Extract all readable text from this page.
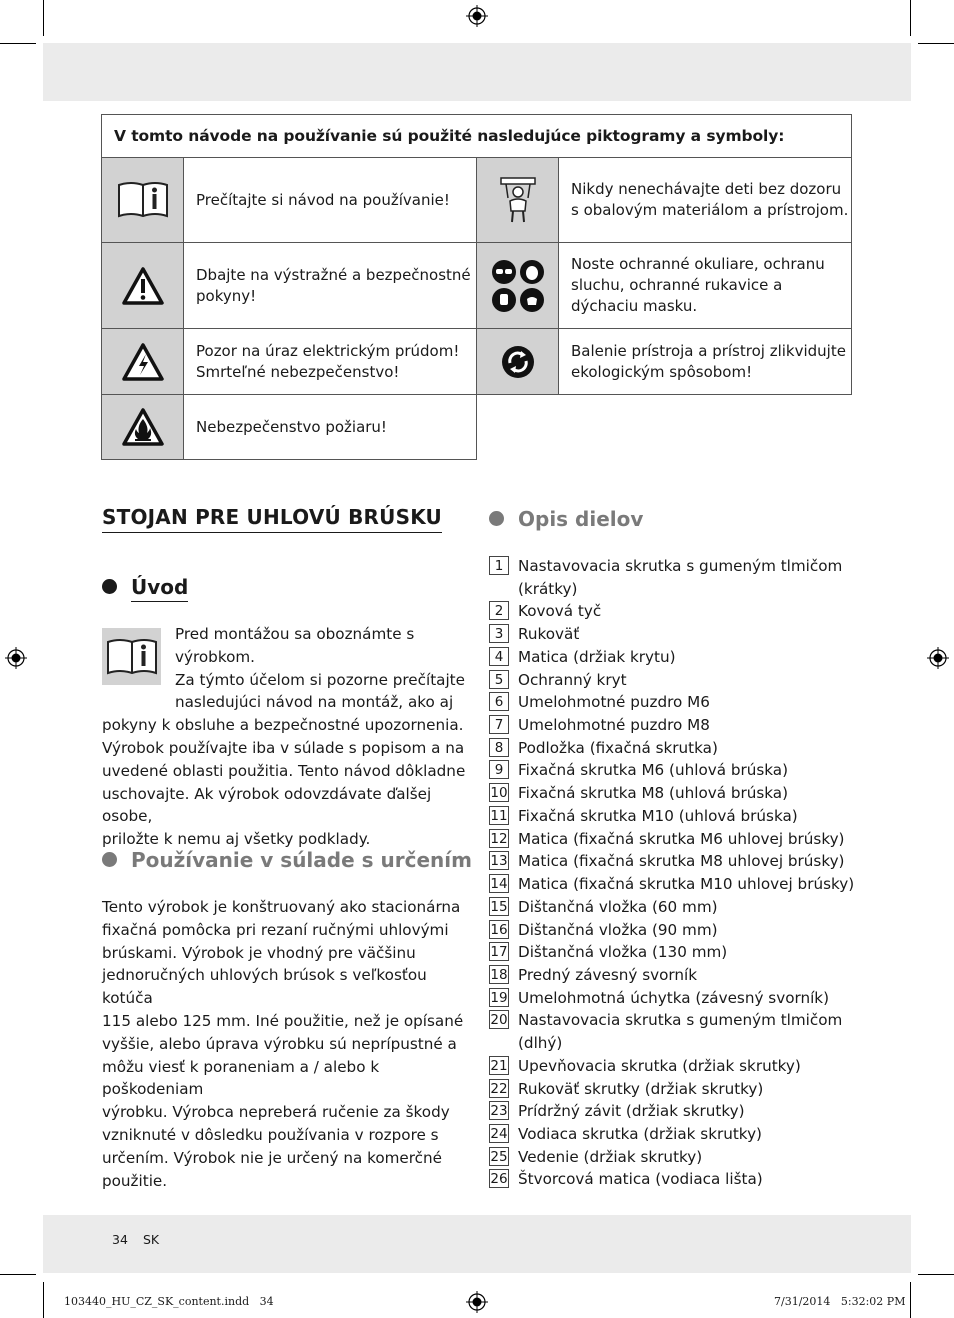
V tomto návode na používanie sú použité nasledujúce piktogramy a symboly:
Prečítajte si návod na používanie!
Nikdy nenechávajte deti bez dozoru s obalovým materiálom a prístrojom.
Dbajte na výstražné a bezpečnostné pokyny!
Noste ochranné okuliare, ochranu sluchu, ochranné rukavice a dýchaciu masku.
Pozor na úraz elektrickým prúdom! Smrteľné nebezpečenstvo!
Balenie prístroja a prístroj zlikvidujte ekologickým spôsobom!
Nebezpečenstvo požiaru!
STOJAN PRE UHLOVÚ BRÚSKU
Úvod
Pred montážou sa oboznámte s výrobkom.
Za týmto účelom si pozorne prečítajte
nasledujúci návod na montáž, ako aj
pokyny k obsluhe a bezpečnostné upozornenia.
Výrobok používajte iba v súlade s popisom a na
uvedené oblasti použitia. Tento návod dôkladne
uschovajte. Ak výrobok odovzdávate ďalšej osobe,
priložte k nemu aj všetky podklady.
Používanie v súlade s určením
Tento výrobok je konštruovaný ako stacionárna
fixačná pomôcka pri rezaní ručnými uhlovými
brúskami. Výrobok je vhodný pre väčšinu
jednoručných uhlových brúsok s veľkosťou kotúča
115 alebo 125 mm. Iné použitie, než je opísané
vyššie, alebo úprava výrobku sú neprípustné a
môžu viesť k poraneniam a / alebo k poškodeniam
výrobku. Výrobca nepreberá ručenie za škody
vzniknuté v dôsledku používania v rozpore s
určením. Výrobok nie je určený na komerčné
použitie.
Opis dielov
1 Nastavovacia skrutka s gumeným tlmičom
(krátky)
2 Kovová tyč
3 Rukoväť
4 Matica (držiak krytu)
5 Ochranný kryt
6 Umelohmotné puzdro M6
7 Umelohmotné puzdro M8
8 Podložka (fixačná skrutka)
9 Fixačná skrutka M6 (uhlová brúska)
10 Fixačná skrutka M8 (uhlová brúska)
11 Fixačná skrutka M10 (uhlová brúska)
12 Matica (fixačná skrutka M6 uhlovej brúsky)
13 Matica (fixačná skrutka M8 uhlovej brúsky)
14 Matica (fixačná skrutka M10 uhlovej brúsky)
15 Dištančná vložka (60 mm)
16 Dištančná vložka (90 mm)
17 Dištančná vložka (130 mm)
18 Predný závesný svorník
19 Umelohmotná úchytka (závesný svorník)
20 Nastavovacia skrutka s gumeným tlmičom
(dlhý)
21 Upevňovacia skrutka (držiak skrutky)
22 Rukoväť skrutky (držiak skrutky)
23 Prídržný závit (držiak skrutky)
24 Vodiaca skrutka (držiak skrutky)
25 Vedenie (držiak skrutky)
26 Štvorcová matica (vodiaca lišta)
34 SK
103440_HU_CZ_SK_content.indd   34	7/31/2014   5:32:02 PM
